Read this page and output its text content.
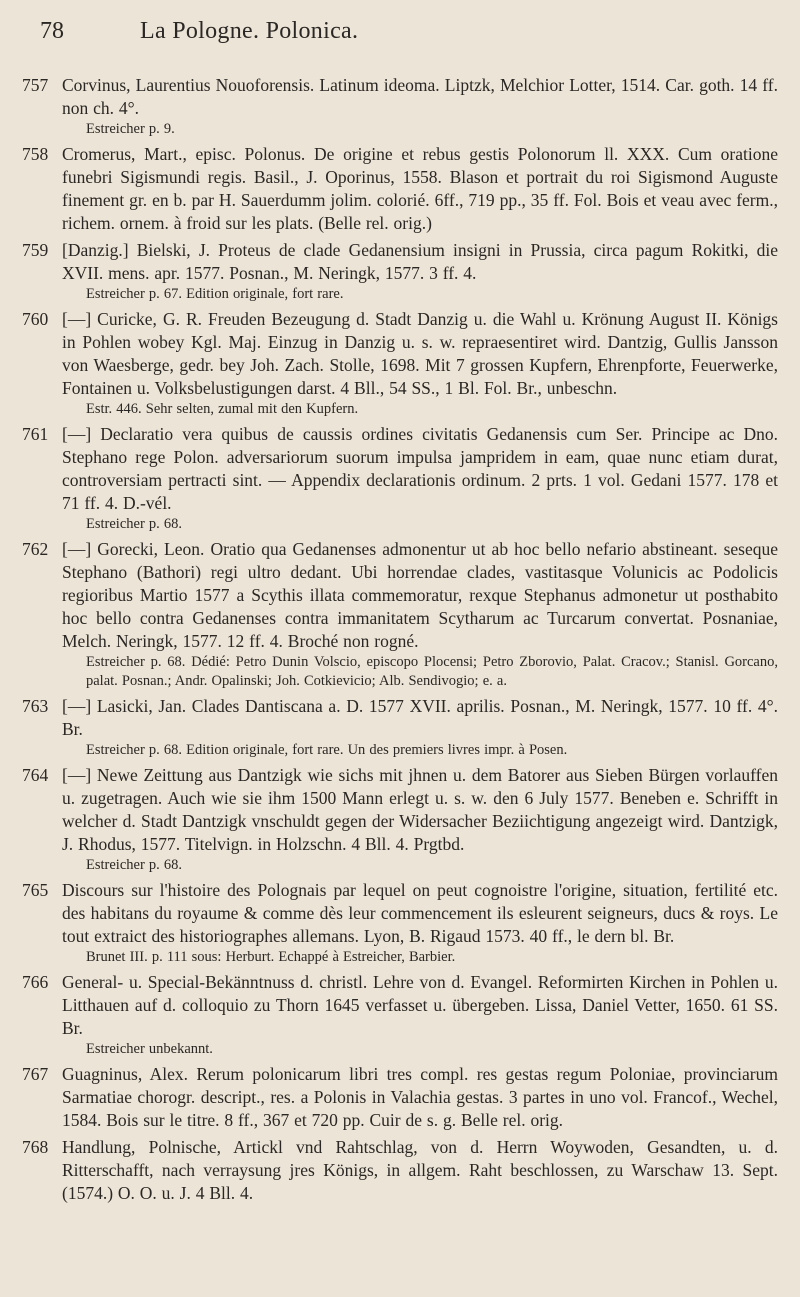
78	La Pologne. Polonica.
757 Corvinus, Laurentius Nouoforensis. Latinum ideoma. Liptzk, Melchior Lotter, 1514. Car. goth. 14 ff. non ch. 4°.
Estreicher p. 9.
758 Cromerus, Mart., episc. Polonus. De origine et rebus gestis Polonorum ll. XXX. Cum oratione funebri Sigismundi regis. Basil., J. Oporinus, 1558. Blason et portrait du roi Sigismond Auguste finement gr. en b. par H. Sauerdumm jolim. colorié. 6ff., 719 pp., 35 ff. Fol. Bois et veau avec ferm., richem. ornem. à froid sur les plats. (Belle rel. orig.)
759 [Danzig.] Bielski, J. Proteus de clade Gedanensium insigni in Prussia, circa pagum Rokitki, die XVII. mens. apr. 1577. Posnan., M. Neringk, 1577. 3 ff. 4.
Estreicher p. 67. Edition originale, fort rare.
760 [—] Curicke, G. R. Freuden Bezeugung d. Stadt Danzig u. die Wahl u. Krönung August II. Königs in Pohlen wobey Kgl. Maj. Einzug in Danzig u. s. w. repraesentiret wird. Dantzig, Gullis Jansson von Waesberge, gedr. bey Joh. Zach. Stolle, 1698. Mit 7 grossen Kupfern, Ehrenpforte, Feuerwerke, Fontainen u. Volksbelustigungen darst. 4 Bll., 54 SS., 1 Bl. Fol. Br., unbeschn.
Estr. 446. Sehr selten, zumal mit den Kupfern.
761 [—] Declaratio vera quibus de caussis ordines civitatis Gedanensis cum Ser. Principe ac Dno. Stephano rege Polon. adversariorum suorum impulsa jampridem in eam, quae nunc etiam durat, controversiam pertracti sint. — Appendix declarationis ordinum. 2 prts. 1 vol. Gedani 1577. 178 et 71 ff. 4. D.-vél.
Estreicher p. 68.
762 [—] Gorecki, Leon. Oratio qua Gedanenses admonentur ut ab hoc bello nefario abstineant. seseque Stephano (Bathori) regi ultro dedant. Ubi horrendae clades, vastitasque Volunicis ac Podolicis regioribus Martio 1577 a Scythis illata commemoratur, rexque Stephanus admonetur ut posthabito hoc bello contra Gedanenses contra immanitatem Scytharum ac Turcarum convertat. Posnaniae, Melch. Neringk, 1577. 12 ff. 4. Broché non rogné.
Estreicher p. 68. Dédié: Petro Dunin Volscio, episcopo Plocensi; Petro Zborovio, Palat. Cracov.; Stanisl. Gorcano, palat. Posnan.; Andr. Opalinski; Joh. Cotkievicio; Alb. Sendivogio; e. a.
763 [—] Lasicki, Jan. Clades Dantiscana a. D. 1577 XVII. aprilis. Posnan., M. Neringk, 1577. 10 ff. 4°. Br.
Estreicher p. 68. Edition originale, fort rare. Un des premiers livres impr. à Posen.
764 [—] Newe Zeittung aus Dantzigk wie sichs mit jhnen u. dem Batorer aus Sieben Bürgen vorlauffen u. zugetragen. Auch wie sie ihm 1500 Mann erlegt u. s. w. den 6 July 1577. Beneben e. Schrifft in welcher d. Stadt Dantzigk vnschuldt gegen der Widersacher Beziichtigung angezeigt wird. Dantzigk, J. Rhodus, 1577. Titelvign. in Holzschn. 4 Bll. 4. Prgtbd.
Estreicher p. 68.
765 Discours sur l'histoire des Polognais par lequel on peut cognoistre l'origine, situation, fertilité etc. des habitans du royaume & comme dès leur commencement ils esleurent seigneurs, ducs & roys. Le tout extraict des historiographes allemans. Lyon, B. Rigaud 1573. 40 ff., le dern bl. Br.
Brunet III. p. 111 sous: Herburt. Echappé à Estreicher, Barbier.
766 General- u. Special-Bekänntnuss d. christl. Lehre von d. Evangel. Reformirten Kirchen in Pohlen u. Litthauen auf d. colloquio zu Thorn 1645 verfasset u. übergeben. Lissa, Daniel Vetter, 1650. 61 SS. Br.
Estreicher unbekannt.
767 Guagninus, Alex. Rerum polonicarum libri tres compl. res gestas regum Poloniae, provinciarum Sarmatiae chorogr. descript., res. a Polonis in Valachia gestas. 3 partes in uno vol. Francof., Wechel, 1584. Bois sur le titre. 8 ff., 367 et 720 pp. Cuir de s. g. Belle rel. orig.
768 Handlung, Polnische, Artickl vnd Rahtschlag, von d. Herrn Woywoden, Gesandten, u. d. Ritterschafft, nach verraysung jres Königs, in allgem. Raht beschlossen, zu Warschaw 13. Sept. (1574.) O. O. u. J. 4 Bll. 4.
